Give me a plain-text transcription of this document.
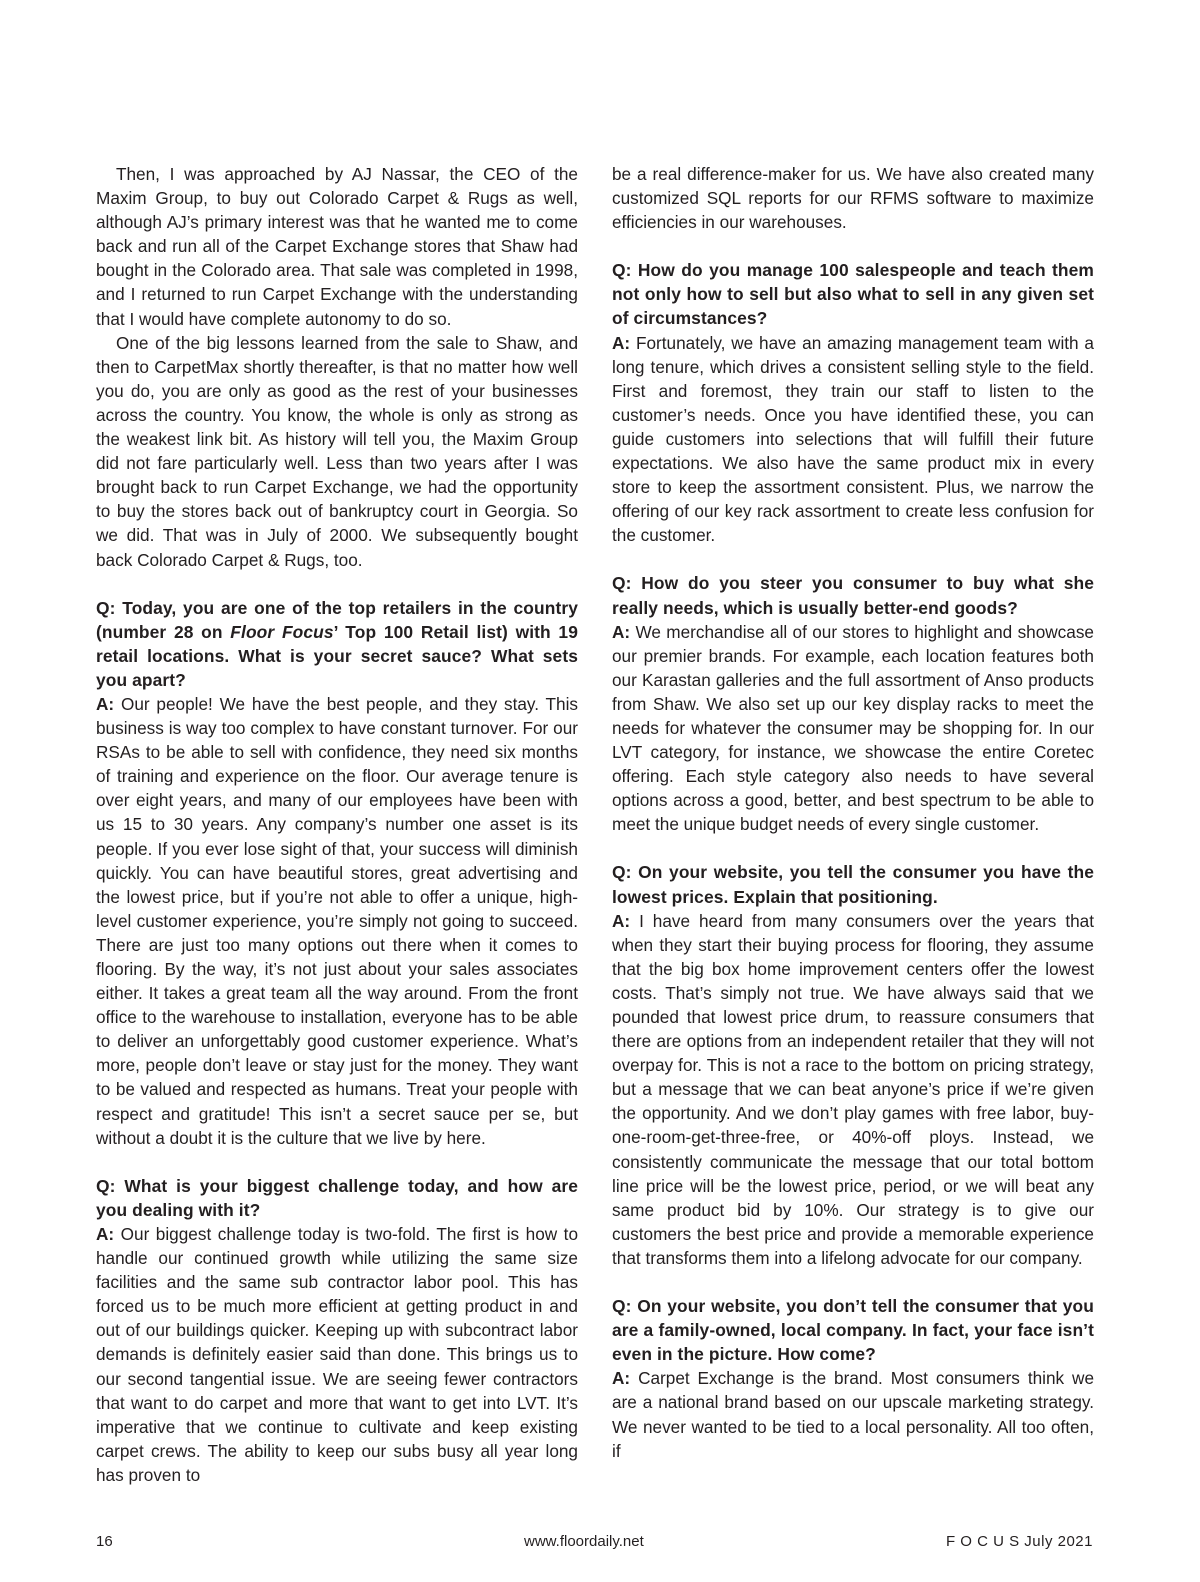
Then, I was approached by AJ Nassar, the CEO of the Maxim Group, to buy out Colorado Carpet & Rugs as well, although AJ’s primary interest was that he wanted me to come back and run all of the Carpet Exchange stores that Shaw had bought in the Colorado area. That sale was completed in 1998, and I returned to run Carpet Exchange with the understanding that I would have complete autonomy to do so.

One of the big lessons learned from the sale to Shaw, and then to CarpetMax shortly thereafter, is that no matter how well you do, you are only as good as the rest of your businesses across the country. You know, the whole is only as strong as the weakest link bit. As history will tell you, the Maxim Group did not fare particularly well. Less than two years after I was brought back to run Carpet Exchange, we had the opportunity to buy the stores back out of bankruptcy court in Georgia. So we did. That was in July of 2000. We subsequently bought back Colorado Carpet & Rugs, too.

Q: Today, you are one of the top retailers in the country (number 28 on Floor Focus’ Top 100 Retail list) with 19 retail locations. What is your secret sauce? What sets you apart?

A: Our people! We have the best people, and they stay. This business is way too complex to have constant turnover. For our RSAs to be able to sell with confidence, they need six months of training and experience on the floor. Our average tenure is over eight years, and many of our employees have been with us 15 to 30 years. Any company’s number one asset is its people. If you ever lose sight of that, your success will diminish quickly. You can have beautiful stores, great advertising and the lowest price, but if you’re not able to offer a unique, high-level customer experience, you’re simply not going to succeed. There are just too many options out there when it comes to flooring. By the way, it’s not just about your sales associates either. It takes a great team all the way around. From the front office to the warehouse to installation, everyone has to be able to deliver an unforgettably good customer experience. What’s more, people don’t leave or stay just for the money. They want to be valued and respected as humans. Treat your people with respect and gratitude! This isn’t a secret sauce per se, but without a doubt it is the culture that we live by here.

Q: What is your biggest challenge today, and how are you dealing with it?

A: Our biggest challenge today is two-fold. The first is how to handle our continued growth while utilizing the same size facilities and the same sub contractor labor pool. This has forced us to be much more efficient at getting product in and out of our buildings quicker. Keeping up with subcontract labor demands is definitely easier said than done. This brings us to our second tangential issue. We are seeing fewer contractors that want to do carpet and more that want to get into LVT. It’s imperative that we continue to cultivate and keep existing carpet crews. The ability to keep our subs busy all year long has proven to

be a real difference-maker for us. We have also created many customized SQL reports for our RFMS software to maximize efficiencies in our warehouses.

Q: How do you manage 100 salespeople and teach them not only how to sell but also what to sell in any given set of circumstances?

A: Fortunately, we have an amazing management team with a long tenure, which drives a consistent selling style to the field. First and foremost, they train our staff to listen to the customer’s needs. Once you have identified these, you can guide customers into selections that will fulfill their future expectations. We also have the same product mix in every store to keep the assortment consistent. Plus, we narrow the offering of our key rack assortment to create less confusion for the customer.

Q: How do you steer you consumer to buy what she really needs, which is usually better-end goods?

A: We merchandise all of our stores to highlight and showcase our premier brands. For example, each location features both our Karastan galleries and the full assortment of Anso products from Shaw. We also set up our key display racks to meet the needs for whatever the consumer may be shopping for. In our LVT category, for instance, we showcase the entire Coretec offering. Each style category also needs to have several options across a good, better, and best spectrum to be able to meet the unique budget needs of every single customer.

Q: On your website, you tell the consumer you have the lowest prices. Explain that positioning.

A: I have heard from many consumers over the years that when they start their buying process for flooring, they assume that the big box home improvement centers offer the lowest costs. That’s simply not true. We have always said that we pounded that lowest price drum, to reassure consumers that there are options from an independent retailer that they will not overpay for. This is not a race to the bottom on pricing strategy, but a message that we can beat anyone’s price if we’re given the opportunity. And we don’t play games with free labor, buy-one-room-get-three-free, or 40%-off ploys. Instead, we consistently communicate the message that our total bottom line price will be the lowest price, period, or we will beat any same product bid by 10%. Our strategy is to give our customers the best price and provide a memorable experience that transforms them into a lifelong advocate for our company.

Q: On your website, you don’t tell the consumer that you are a family-owned, local company. In fact, your face isn’t even in the picture. How come?

A: Carpet Exchange is the brand. Most consumers think we are a national brand based on our upscale marketing strategy. We never wanted to be tied to a local personality. All too often, if

16	www.floordaily.net	F O C U S July 2021
